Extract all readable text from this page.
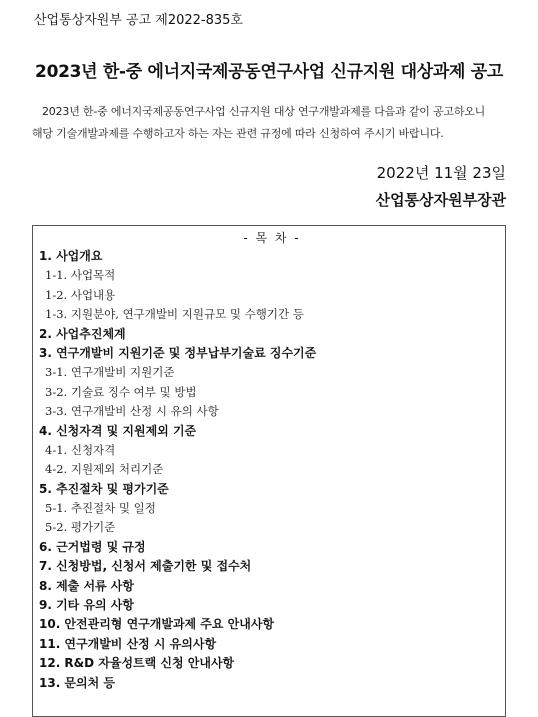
산업통상자원부 공고 제2022-835호
2023년 한-중 에너지국제공동연구사업 신규지원 대상과제 공고

2023년 한-중 에너지국제공동연구사업 신규지원 대상 연구개발과제를 다음과 같이 공고하오니

해당 기술개발과제를 수행하고자 하는 자는 관련 규정에 따라 신청하여 주시기 바랍니다.

2022년 11월 23일
산업통상자원부장관
- 목 차 -
1. 사업개요
1-1. 사업목적
1-2. 사업내용
1-3. 지원분야, 연구개발비 지원규모 및 수행기간 등
2. 사업추진체계
3. 연구개발비 지원기준 및 정부납부기술료 징수기준
3-1. 연구개발비 지원기준
3-2. 기술료 징수 여부 및 방법
3-3. 연구개발비 산정 시 유의 사항
4. 신청자격 및 지원제외 기준
4-1. 신청자격
4-2. 지원제외 처리기준
5. 추진절차 및 평가기준
5-1. 추진절차 및 일정
5-2. 평가기준
6. 근거법령 및 규정
7. 신청방법, 신청서 제출기한 및 접수처
8. 제출 서류 사항
9. 기타 유의 사항
10. 안전관리형 연구개발과제 주요 안내사항
11. 연구개발비 산정 시 유의사항
12. R&D 자율성트랙 신청 안내사항
13. 문의처 등
